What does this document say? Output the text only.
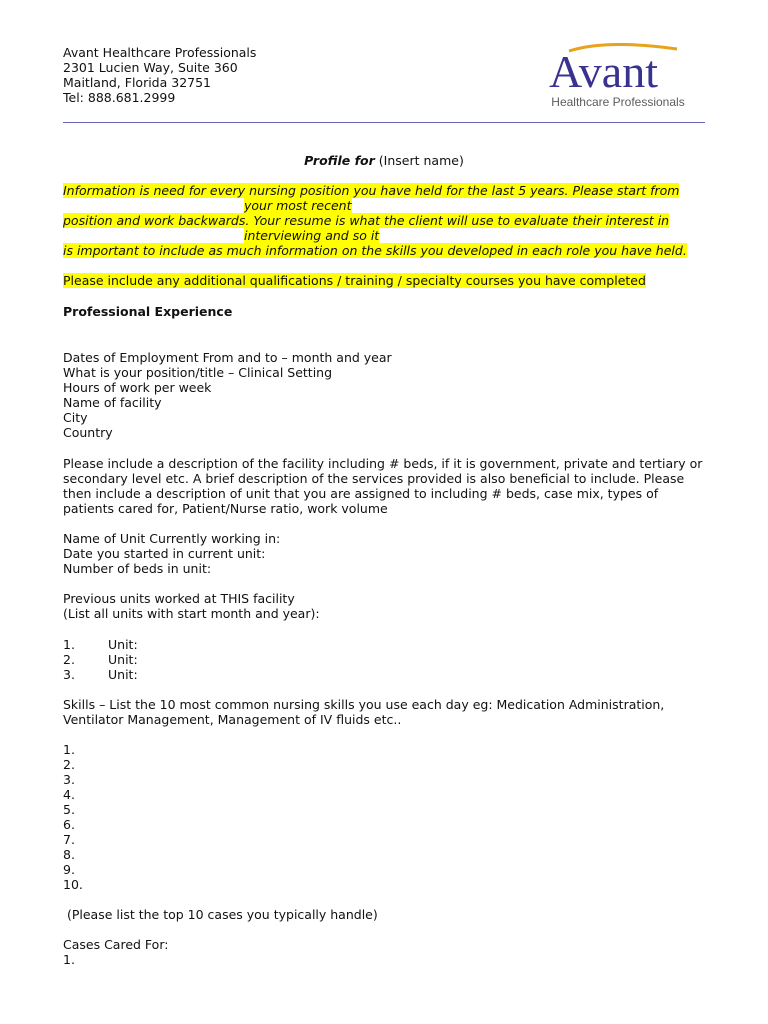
Avant Healthcare Professionals
2301 Lucien Way, Suite 360
Maitland, Florida 32751
Tel: 888.681.2999
Avant
Healthcare Professionals
Profile for (Insert name)
Information is need for every nursing position you have held for the last 5 years. Please start from
your most recent
position and work backwards. Your resume is what the client will use to evaluate their interest in
interviewing and so it
is important to include as much information on the skills you developed in each role you have held.
Please include any additional qualifications / training / specialty courses you have completed
Professional Experience
Dates of Employment From and to – month and year
What is your position/title – Clinical Setting
Hours of work per week
Name of facility
City
Country
Please include a description of the facility including # beds, if it is government, private and tertiary or secondary level etc. A brief description of the services provided is also beneficial to include. Please then include a description of unit that you are assigned to including # beds, case mix, types of patients cared for, Patient/Nurse ratio, work volume
Name of Unit Currently working in:
Date you started in current unit:
Number of beds in unit:
Previous units worked at THIS facility
(List all units with start month and year):
1.	Unit:
2.	Unit:
3.	Unit:
Skills – List the 10 most common nursing skills you use each day eg: Medication Administration, Ventilator Management, Management of IV fluids etc..
1.
2.
3.
4.
5.
6.
7.
8.
9.
10.
(Please list the top 10 cases you typically handle)
Cases Cared For:
1.
